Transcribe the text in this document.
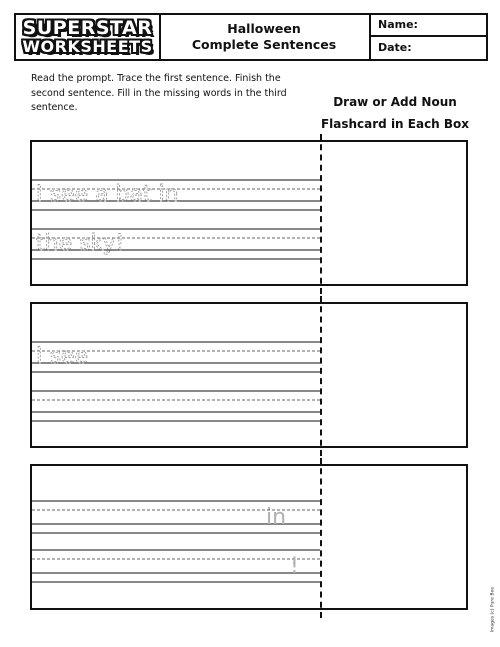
SUPERSTAR
WORKSHEETS
Halloween
Complete Sentences
Name:
Date:
Read the prompt. Trace the first sentence. Finish the second sentence. Fill in the missing words in the third sentence.	Draw or Add Noun
Flashcard in Each Box
I see a bat in
the sky!
I see
in
!
Images (c) Pure Bee
